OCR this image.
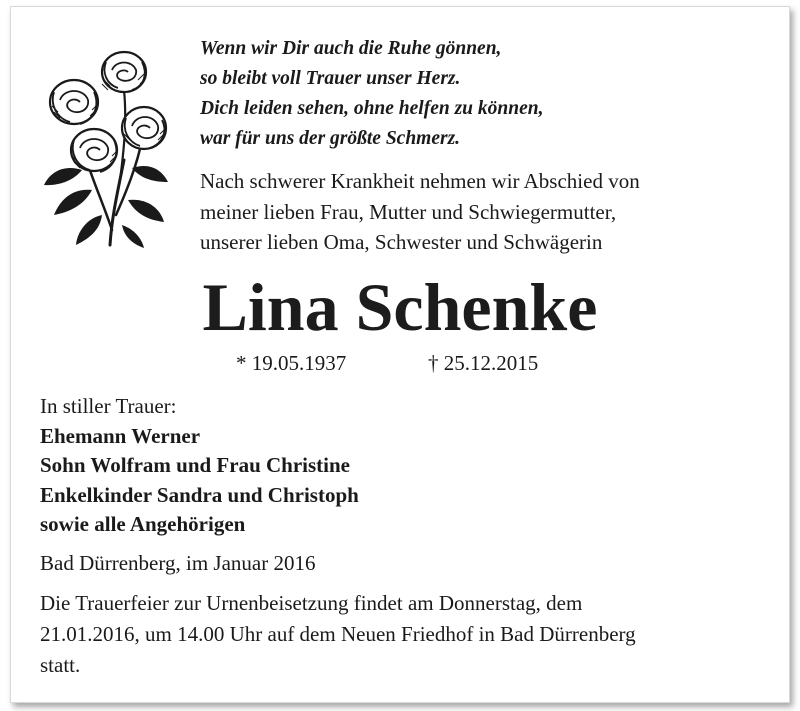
Wenn wir Dir auch die Ruhe gönnen,
so bleibt voll Trauer unser Herz.
Dich leiden sehen, ohne helfen zu können,
war für uns der größte Schmerz.
Nach schwerer Krankheit nehmen wir Abschied von
meiner lieben Frau, Mutter und Schwiegermutter,
unserer lieben Oma, Schwester und Schwägerin
Lina Schenke
* 19.05.1937	† 25.12.2015
In stiller Trauer:
Ehemann Werner
Sohn Wolfram und Frau Christine
Enkelkinder Sandra und Christoph
sowie alle Angehörigen
Bad Dürrenberg, im Januar 2016
Die Trauerfeier zur Urnenbeisetzung findet am Donnerstag, dem
21.01.2016, um 14.00 Uhr auf dem Neuen Friedhof in Bad Dürrenberg
statt.
